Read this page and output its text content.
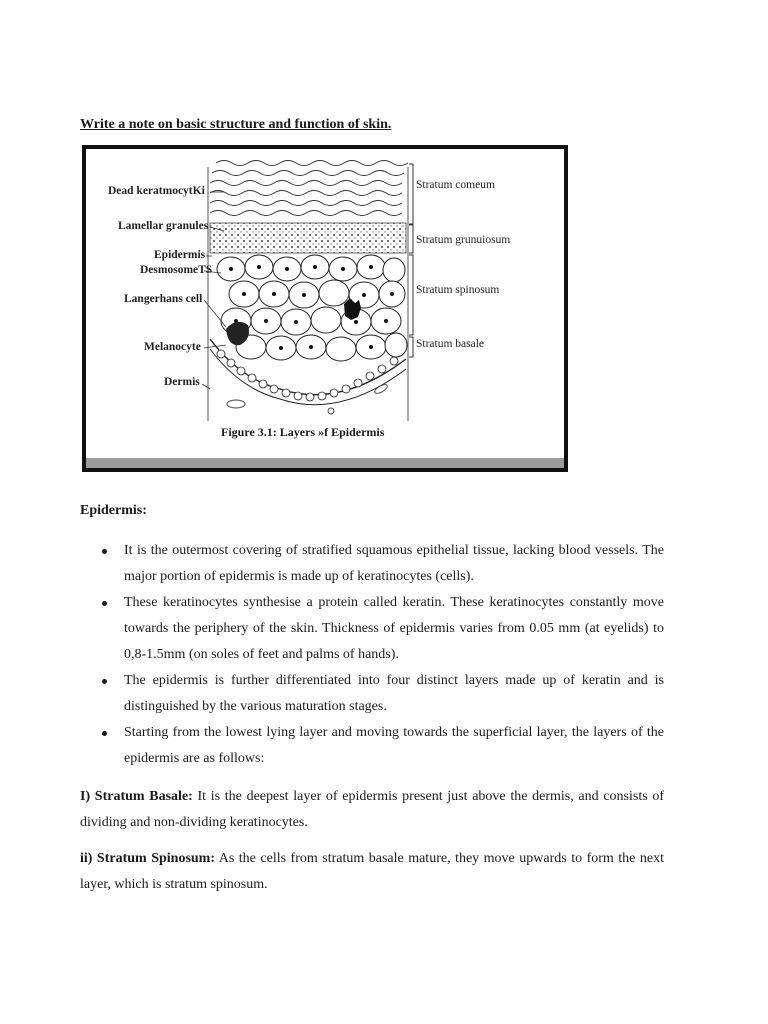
Write a note on basic structure and function of skin.
Dead keratmocytKi
Lamellar granules
Epidermis
DesmosomeTS
Langerhans cell
Melanocyte
Dermis
Stratum comeum
Stratum grunuiosum
Stratum spinosum
Stratum basale
Figure 3.1: Layers »f Epidermis
Epidermis:
It is the outermost covering of stratified squamous epithelial tissue, lacking blood vessels. The major portion of epidermis is made up of keratinocytes (cells).
These keratinocytes synthesise a protein called keratin. These keratinocytes constantly move towards the periphery of the skin. Thickness of epidermis varies from 0.05 mm (at eyelids) to 0,8-1.5mm (on soles of feet and palms of hands).
The epidermis is further differentiated into four distinct layers made up of keratin and is distinguished by the various maturation stages.
Starting from the lowest lying layer and moving towards the superficial layer, the layers of the epidermis are as follows:
I) Stratum Basale: It is the deepest layer of epidermis present just above the dermis, and consists of dividing and non-dividing keratinocytes.
ii) Stratum Spinosum: As the cells from stratum basale mature, they move upwards to form the next layer, which is stratum spinosum.
